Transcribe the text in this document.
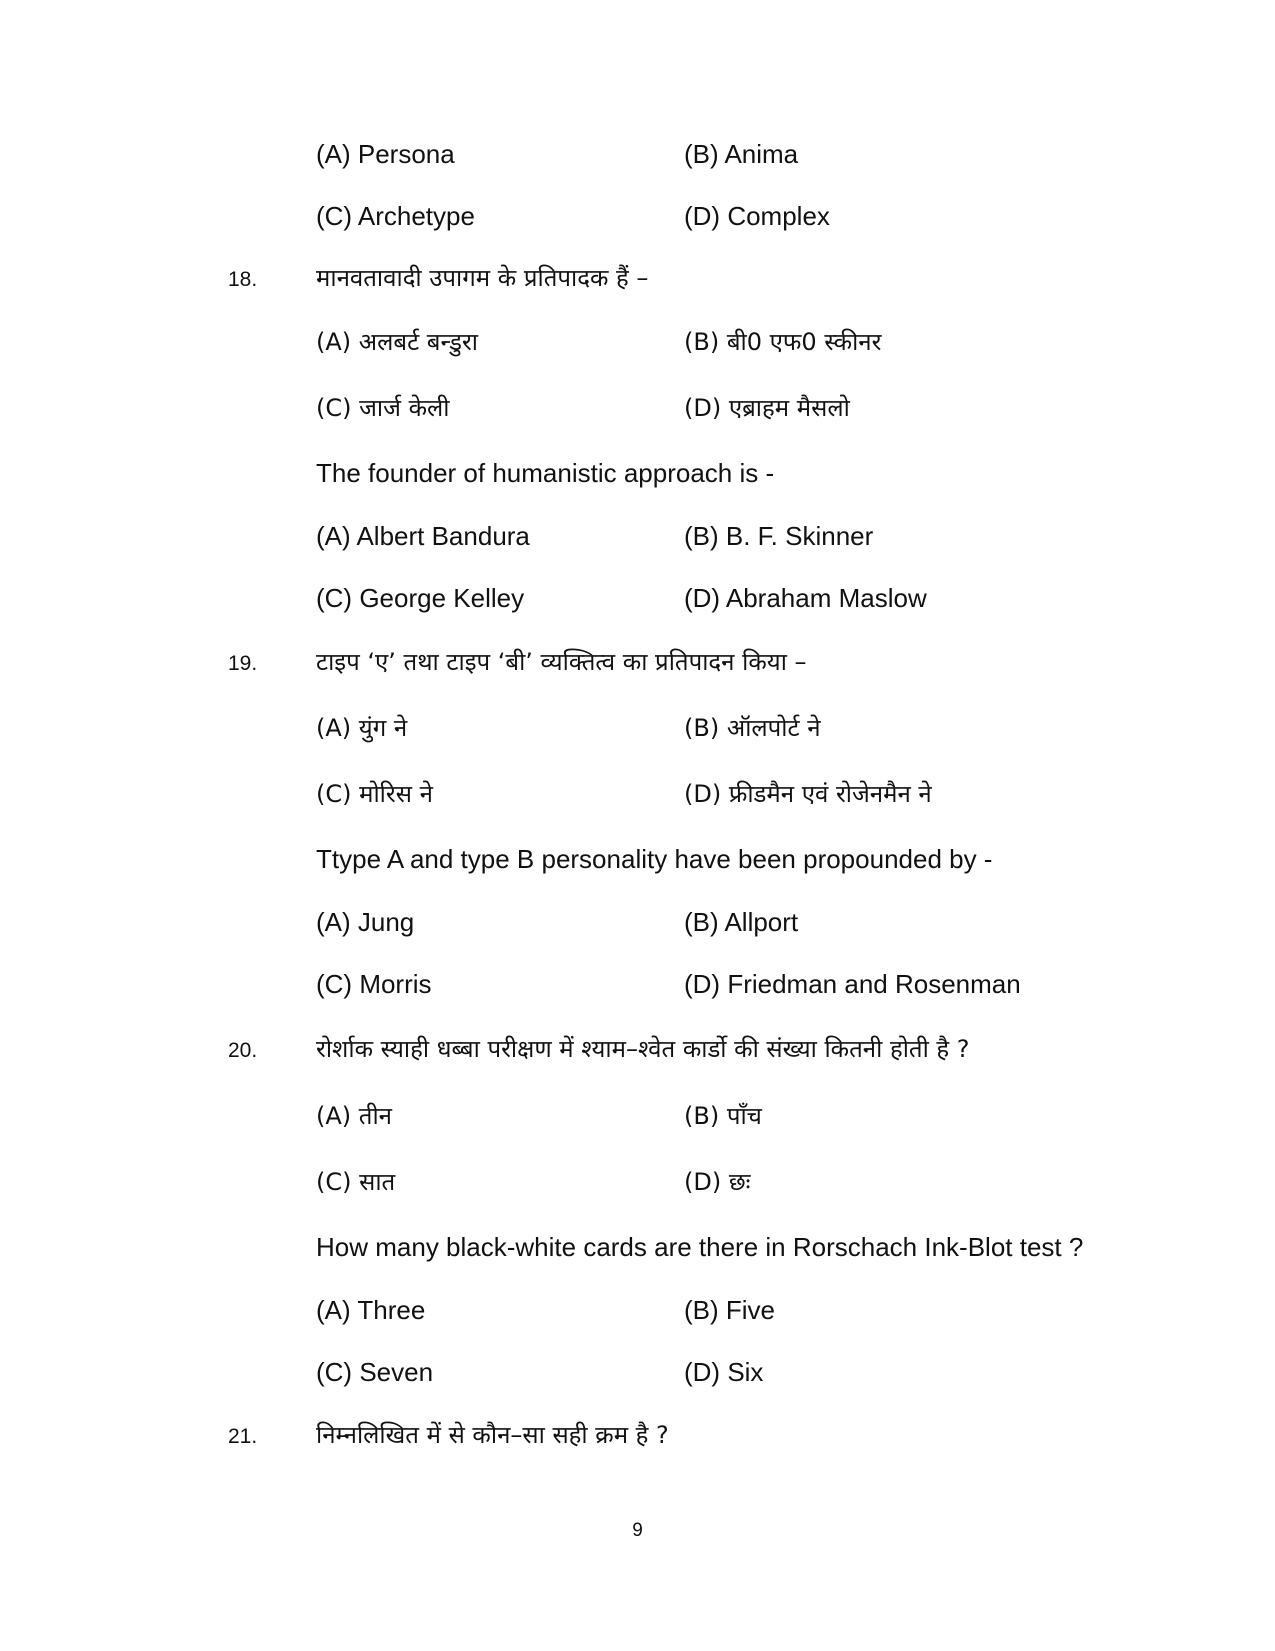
(A) Persona	(B) Anima
(C) Archetype	(D) Complex
18. मानवतावादी उपागम के प्रतिपादक हैं –
(A) अलबर्ट बन्डुरा	(B) बी0 एफ0 स्कीनर
(C) जार्ज केली	(D) एब्राहम मैसलो
The founder of humanistic approach is -
(A) Albert Bandura	(B) B. F. Skinner
(C) George Kelley	(D) Abraham Maslow
19. टाइप ‘ए’ तथा टाइप ‘बी’ व्यक्तित्व का प्रतिपादन किया –
(A) युंग ने	(B) ऑलपोर्ट ने
(C) मोरिस ने	(D) फ्रीडमैन एवं रोजेनमैन ने
Ttype A and type B personality have been propounded by -
(A) Jung	(B) Allport
(C) Morris	(D) Friedman and Rosenman
20. रोर्शाक स्याही धब्बा परीक्षण में श्याम–श्वेत कार्डो की संख्या कितनी होती है ?
(A) तीन	(B) पाँच
(C) सात	(D) छः
How many black-white cards are there in Rorschach Ink-Blot test ?
(A) Three	(B) Five
(C) Seven	(D) Six
21. निम्नलिखित में से कौन–सा सही क्रम है ?
9
